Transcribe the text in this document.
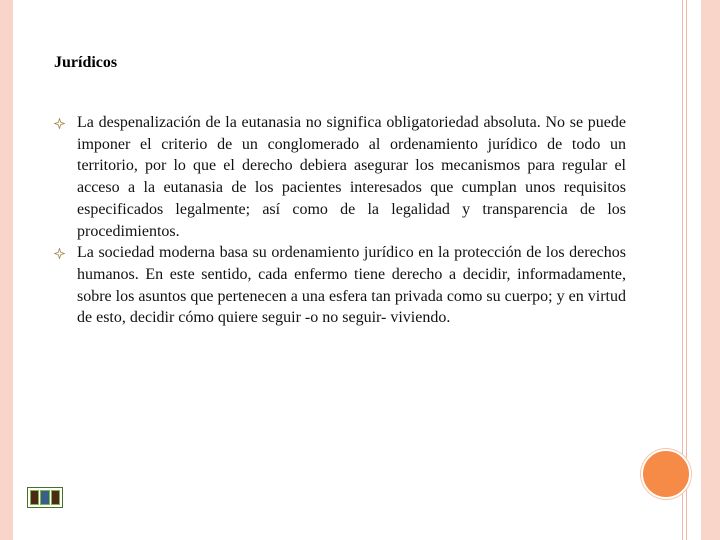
Jurídicos
La despenalización de la eutanasia no significa obligatoriedad absoluta. No se puede imponer el criterio de un conglomerado al ordenamiento jurídico de todo un territorio, por lo que el derecho debiera asegurar los mecanismos para regular el acceso a la eutanasia de los pacientes interesados que cumplan unos requisitos especificados legalmente; así como de la legalidad y transparencia de los procedimientos.
La sociedad moderna basa su ordenamiento jurídico en la protección de los derechos humanos. En este sentido, cada enfermo tiene derecho a decidir, informadamente, sobre los asuntos que pertenecen a una esfera tan privada como su cuerpo; y en virtud de esto, decidir cómo quiere seguir -o no seguir- viviendo.
